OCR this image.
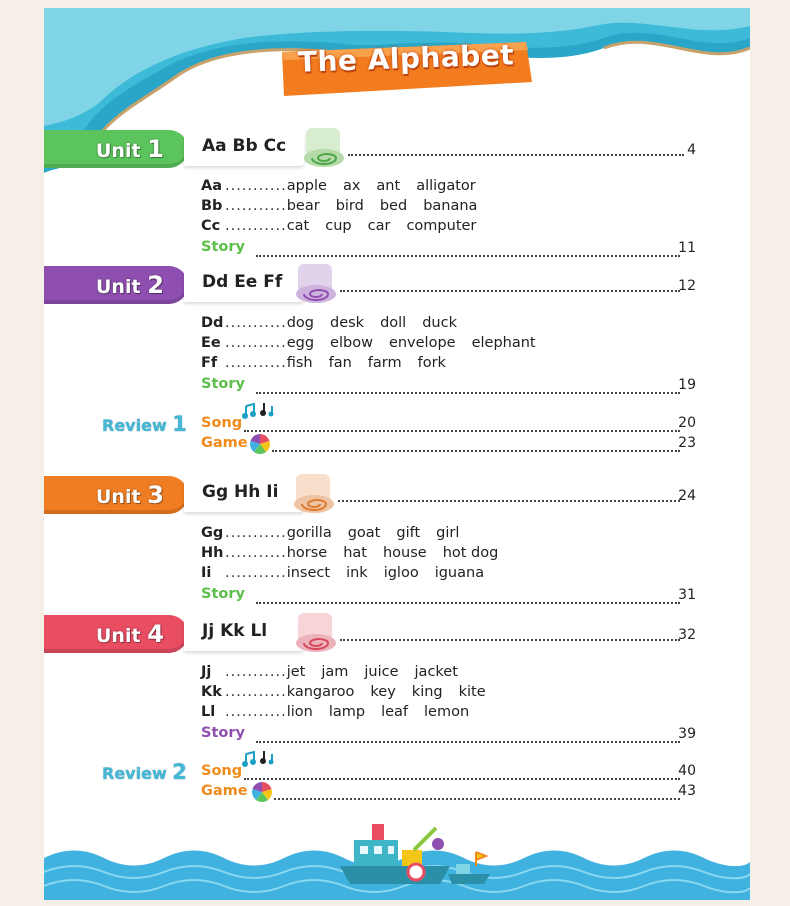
The Alphabet
Unit 1 Aa Bb Cc	4
Aa ...........apple ax ant alligator
Bb ...........bear bird bed banana
Cc ...........cat cup car computer
Story	11
Unit 2 Dd Ee Ff	12
Dd ...........dog desk doll duck
Ee ...........egg elbow envelope elephant
Ff ...........fish fan farm fork
Story	19
Review 1 Song	20
Game	23
Unit 3 Gg Hh Ii	24
Gg ...........gorilla goat gift girl
Hh ...........horse hat house hot dog
Ii ...........insect ink igloo iguana
Story	31
Unit 4 Jj Kk Ll	32
Jj ...........jet jam juice jacket
Kk ...........kangaroo key king kite
Ll ...........lion lamp leaf lemon
Story	39
Review 2 Song	40
Game	43
